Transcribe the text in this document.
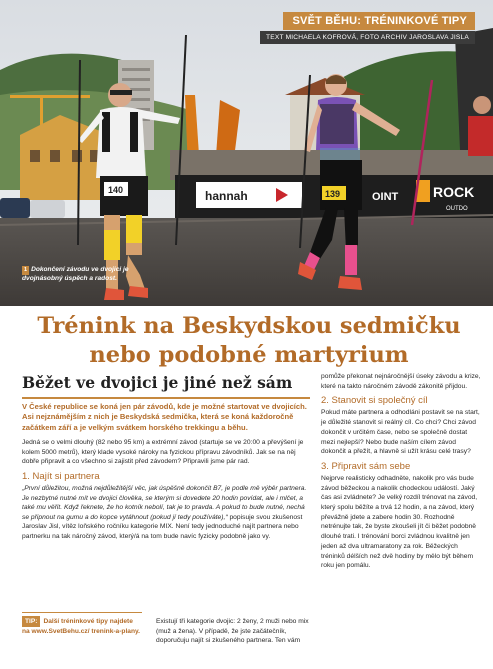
hannah	OINT ROCK
OUTDO
140	139
SVĚT BĚHU: TRÉNINKOVÉ TIPY
TEXT MICHAELA KOFROVÁ, FOTO ARCHIV JAROSLAVA JISLA
1 Dokončení závodu ve dvojici je dvojnásobný úspěch a radost.
Trénink na Beskydskou sedmičku nebo podobné martyrium
Běžet ve dvojici je jiné než sám

V České republice se koná jen pár závodů, kde je možné startovat ve dvojicích. Asi nejznámějším z nich je Beskydská sedmička, která se koná každoročně začátkem září a je velkým svátkem horského trekkingu a běhu.

Jedná se o velmi dlouhý (82 nebo 95 km) a extrémní závod (startuje se ve 20:00 a převýšení je kolem 5000 metrů), který klade vysoké nároky na fyzickou přípravu závodníků. Jak se na něj dobře připravit a co všechno si zajistit před závodem? Připravili jsme pár rad.

1. Najít si partnera

„První důležitou, možná nejdůležitější věc, jak úspěšně dokončit B7, je podle mě výběr partnera. Je nezbytné nutné mít ve dvojici člověka, se kterým si dovedete 20 hodin povídat, ale i mlčet, a také mu věřit. Když řeknete, že ho kotník nebolí, tak je to pravda. A pokud to bude nutné, nechá se připnout na gumu a do kopce vytáhnout (pokud jí tedy používáte),“ popisuje svou zkušenost Jaroslav Jisl, vítěz loňského ročníku kategorie MIX. Není tedy jednoduché najít partnera nebo partnerku na tak náročný závod, který/á na tom bude navíc fyzicky podobně jako vy.

TIP: Další tréninkové tipy najdete na www.SvetBehu.cz/ trenink-a-plany.

Existují tři kategorie dvojic: 2 ženy, 2 muži nebo mix (muž a žena). V případě, že jste začátečník, doporučuju najít si zkušeného partnera. Ten vám

pomůže překonat nejnáročnější úseky závodu a krize, které na takto náročném závodě zákonitě přijdou.

2. Stanovit si společný cíl

Pokud máte partnera a odhodláni postavit se na start, je důležité stanovit si reálný cíl. Co chci? Chci závod dokončit v určitém čase, nebo se společně dostat mezi nejlepší? Nebo bude naším cílem závod dokončit a přežít, a hlavně si užít krásu celé trasy?

3. Připravit sám sebe

Nejprve realisticky odhadněte, nakolik pro vás bude závod běžeckou a nakolik chodeckou událostí. Jaký čas asi zvládnete? Je velký rozdíl trénovat na závod, který spolu běžíte a trvá 12 hodin, a na závod, který převážně jdete a zabere hodin 30. Rozhodně netrénujte tak, že byste zkoušeli jít či běžet podobně dlouhé trati. I trénování borci zvládnou kvalitně jen jeden až dva ultramaratony za rok. Běžeckých tréninků délších než dvě hodiny by mělo být během roku jen pomálu.
